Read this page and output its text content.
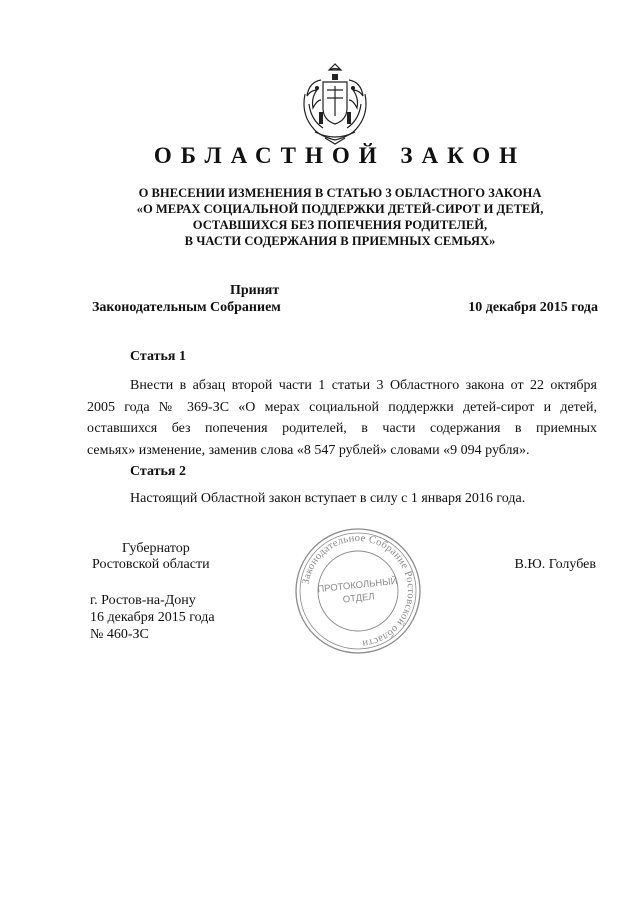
ОБЛАСТНОЙ ЗАКОН
О ВНЕСЕНИИ ИЗМЕНЕНИЯ В СТАТЬЮ 3 ОБЛАСТНОГО ЗАКОНА
«О МЕРАХ СОЦИАЛЬНОЙ ПОДДЕРЖКИ ДЕТЕЙ-СИРОТ И ДЕТЕЙ,
ОСТАВШИХСЯ БЕЗ ПОПЕЧЕНИЯ РОДИТЕЛЕЙ,
В ЧАСТИ СОДЕРЖАНИЯ В ПРИЕМНЫХ СЕМЬЯХ»
Принят
Законодательным Собранием	10 декабря 2015 года
Статья 1
Внести в абзац второй части 1 статьи 3 Областного закона от 22 октября
2005 года № 369-ЗС «О мерах социальной поддержки детей-сирот и детей,
оставшихся без попечения родителей, в части содержания в приемных
семьях» изменение, заменив слова «8 547 рублей» словами «9 094 рубля».
Статья 2
Настоящий Областной закон вступает в силу с 1 января 2016 года.
Губернатор
Ростовской области	В.Ю. Голубев
Законодательное Собрание Ростовской области
ПРОТОКОЛЬНЫЙ
ОТДЕЛ
г. Ростов-на-Дону
16 декабря 2015 года
№ 460-ЗС
